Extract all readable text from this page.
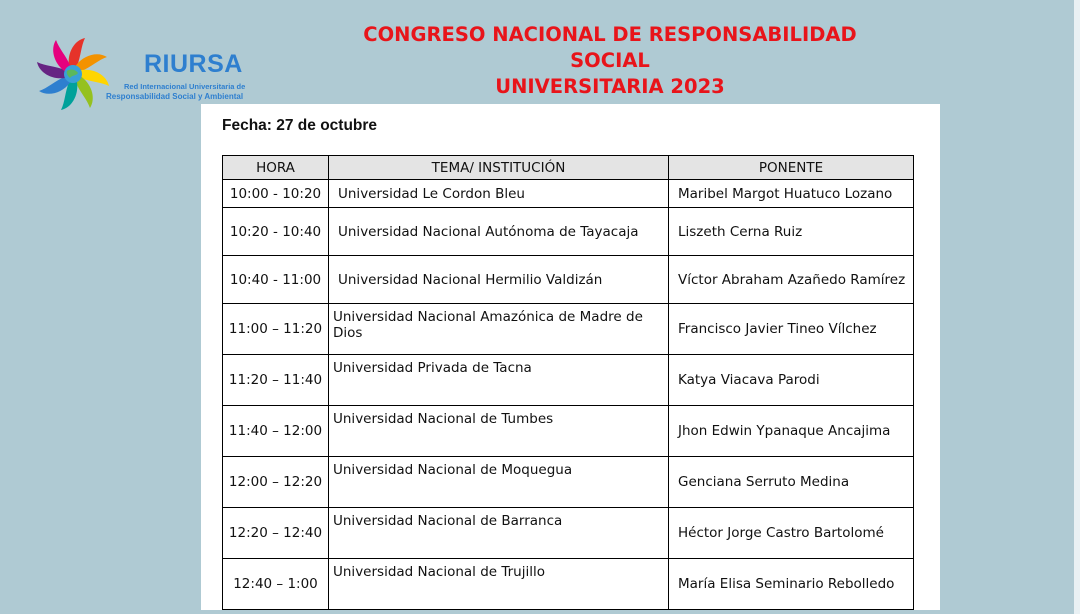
RIURSA
Red Internacional Universitaria de
Responsabilidad Social y Ambiental
CONGRESO NACIONAL DE RESPONSABILIDAD SOCIAL
UNIVERSITARIA 2023
Fecha: 27 de octubre
HORA	TEMA/ INSTITUCIÓN	PONENTE
10:00 - 10:20	Universidad Le Cordon Bleu	Maribel Margot Huatuco Lozano
10:20 - 10:40	Universidad Nacional Autónoma de Tayacaja	Liszeth Cerna Ruiz
10:40 - 11:00	Universidad Nacional Hermilio Valdizán	Víctor Abraham Azañedo Ramírez
11:00 – 11:20	Universidad Nacional Amazónica de Madre de Dios	Francisco Javier Tineo Vílchez
11:20 – 11:40	Universidad Privada de Tacna	Katya Viacava Parodi
11:40 – 12:00	Universidad Nacional de Tumbes	Jhon Edwin Ypanaque Ancajima
12:00 – 12:20	Universidad Nacional de Moquegua	Genciana Serruto Medina
12:20 – 12:40	Universidad Nacional de Barranca	Héctor Jorge Castro Bartolomé
12:40 – 1:00	Universidad Nacional de Trujillo	María Elisa Seminario Rebolledo
